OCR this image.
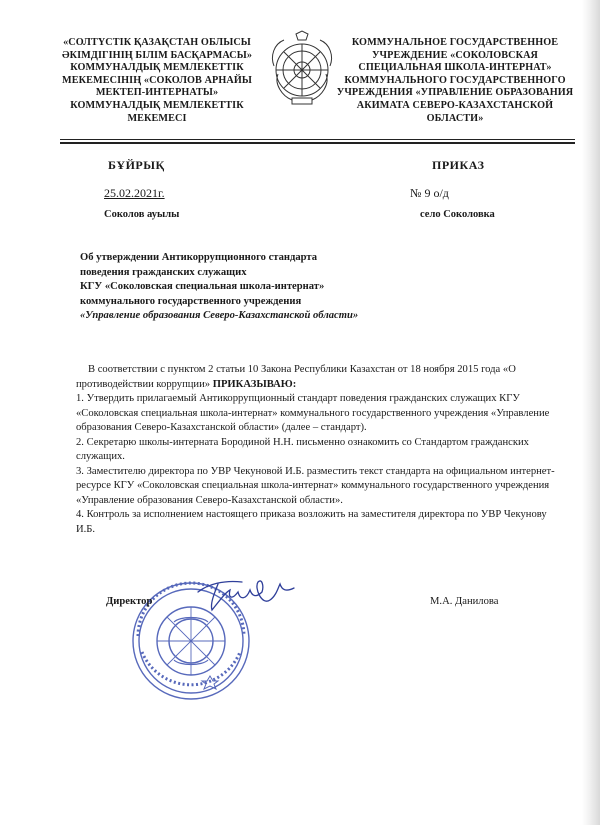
«СОЛТҮСТІК ҚАЗАҚСТАН ОБЛЫСЫ
ӘКІМДІГІНІҢ БІЛІМ БАСҚАРМАСЫ»
КОММУНАЛДЫҚ МЕМЛЕКЕТТІК
МЕКЕМЕСІНІҢ «СОКОЛОВ АРНАЙЫ
МЕКТЕП-ИНТЕРНАТЫ»
КОММУНАЛДЫҚ МЕМЛЕКЕТТІК
МЕКЕМЕСІ
КОММУНАЛЬНОЕ ГОСУДАРСТВЕННОЕ
УЧРЕЖДЕНИЕ «СОКОЛОВСКАЯ
СПЕЦИАЛЬНАЯ ШКОЛА-ИНТЕРНАТ»
КОММУНАЛЬНОГО ГОСУДАРСТВЕННОГО
УЧРЕЖДЕНИЯ «УПРАВЛЕНИЕ ОБРАЗОВАНИЯ
АКИМАТА СЕВЕРО-КАЗАХСТАНСКОЙ
ОБЛАСТИ»
БҰЙРЫҚ	ПРИКАЗ
25.02.2021г.	№ 9 о/д
Соколов ауылы	село Соколовка
Об утверждении Антикоррупционного стандарта
поведения гражданских служащих
КГУ «Соколовская специальная школа-интернат»
коммунального государственного учреждения
«Управление образования Северо-Казахстанской области»

В соответствии с пунктом 2 статьи 10 Закона Республики Казахстан от 18 ноября 2015 года «О противодействии коррупции» ПРИКАЗЫВАЮ:

1. Утвердить прилагаемый Антикоррупционный стандарт поведения гражданских служащих КГУ «Соколовская специальная школа-интернат» коммунального государственного учреждения «Управление образования Северо-Казахстанской области» (далее – стандарт).

2. Секретарю школы-интерната Бородиной Н.Н. письменно ознакомить со Стандартом гражданских служащих.

3. Заместителю директора по УВР Чекуновой И.Б. разместить текст стандарта на официальном интернет-ресурсе КГУ «Соколовская специальная школа-интернат» коммунального государственного учреждения «Управление образования Северо-Казахстанской области».

4. Контроль за исполнением настоящего приказа возложить на заместителя директора по УВР Чекунову И.Б.

Директор	М.А. Данилова
